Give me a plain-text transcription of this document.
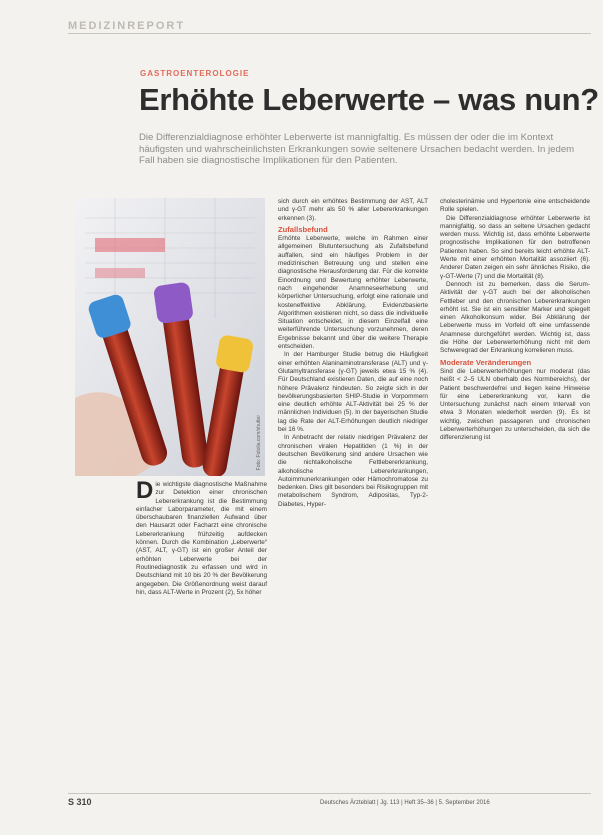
MEDIZINREPORT
GASTROENTEROLOGIE
Erhöhte Leberwerte – was nun?
Die Differenzialdiagnose erhöhter Leberwerte ist mannigfaltig. Es müssen der oder die im Kontext häufigsten und wahrscheinlichsten Erkrankungen sowie seltenere Ursachen bedacht werden. In jedem Fall haben sie diagnostische Implikationen für den Patienten.
Foto: Fotolia.com/shutter
D ie wichtigste diagnostische Maßnahme zur Detektion einer chronischen Lebererkrankung ist die Bestimmung einfacher Laborparameter, die mit einem überschaubaren finanziellen Aufwand über den Hausarzt oder Facharzt eine chronische Lebererkrankung frühzeitig aufdecken können. Durch die Kombination „Leberwerte“ (AST, ALT, γ-GT) ist ein großer Anteil der erhöhten Leberwerte bei der Routinediagnostik zu erfassen und wird in Deutschland mit 10 bis 20 % der Bevölkerung angegeben. Die Größenordnung weist darauf hin, dass ALT-Werte in Prozent (2), 5x höher

sich durch ein erhöhtes Bestimmung der AST, ALT und γ-GT mehr als 50 % aller Lebererkrankungen erkennen (3).

Zufallsbefund

Erhöhte Leberwerte, welche im Rahmen einer allgemeinen Blutuntersuchung als Zufallsbefund auffallen, sind ein häufiges Problem in der medizinischen Betreuung ung und stellen eine diagnostische Herausforderung dar. Für die korrekte Einordnung und Bewertung erhöhter Leberwerte, nach eingehender Anamneseerhebung und körperlicher Untersuchung, erfolgt eine rationale und kosteneffektive Abklärung. Evidenzbasierte Algorithmen existieren nicht, so dass die individuelle Situation entscheidet, in diesem Einzelfall eine weiterführende Untersuchung vorzunehmen, deren Ergebnisse bekannt und über die weitere Therapie entscheiden.

In der Hamburger Studie betrug die Häufigkeit einer erhöhten Alaninaminotransferase (ALT) und γ-Glutamyltransferase (γ-GT) jeweils etwa 15 % (4). Für Deutschland existieren Daten, die auf eine noch höhere Prävalenz hindeuten. So zeigte sich in der bevölkerungsbasierten SHIP-Studie in Vorpommern eine deutlich erhöhte ALT-Aktivität bei 25 % der männlichen Individuen (5). In der bayerischen Studie lag die Rate der ALT-Erhöhungen deutlich niedriger bei 16 %.

In Anbetracht der relativ niedrigen Prävalenz der chronischen viralen Hepatitiden (1 %) in der deutschen Bevölkerung sind andere Ursachen wie die nichtalkoholische Fettlebererkrankung, alkoholische Lebererkrankungen, Autoimmunerkrankungen oder Hämochromatose zu bedenken. Dies gilt besonders bei Risikogruppen mit metabolischem Syndrom, Adipositas, Typ-2-Diabetes, Hyper-

cholesterinämie und Hypertonie eine entscheidende Rolle spielen.

Die Differenzialdiagnose erhöhter Leberwerte ist mannigfaltig, so dass an seltene Ursachen gedacht werden muss. Wichtig ist, dass erhöhte Leberwerte prognostische Implikationen für den betroffenen Patienten haben. So sind bereits leicht erhöhte ALT-Werte mit einer erhöhten Mortalität assoziiert (6). Anderer Daten zeigen ein sehr ähnliches Risiko, die γ-GT-Werte (7) und die Mortalität (8).

Dennoch ist zu bemerken, dass die Serum-Aktivität der γ-GT auch bei der alkoholischen Fettleber und den chronischen Lebererkrankungen erhöht ist. Sie ist ein sensibler Marker und spiegelt einen Alkoholkonsum wider. Bei Abklärung der Leberwerte muss im Vorfeld oft eine umfassende Anamnese durchgeführt werden. Wichtig ist, dass die Höhe der Leberwerterhöhung nicht mit dem Schweregrad der Erkrankung korrelieren muss.

Moderate Veränderungen

Sind die Leberwerterhöhungen nur moderat (das heißt < 2–5 ULN oberhalb des Normbereichs), der Patient beschwerdefrei und liegen keine Hinweise für eine Lebererkrankung vor, kann die Untersuchung zunächst nach einem Intervall von etwa 3 Monaten wiederholt werden (9). Es ist wichtig, zwischen passageren und chronischen Leberwerterhöhungen zu unterscheiden, da sich die differenzierung ist

S 310	Deutsches Ärzteblatt | Jg. 113 | Heft 35–36 | 5. September 2016
